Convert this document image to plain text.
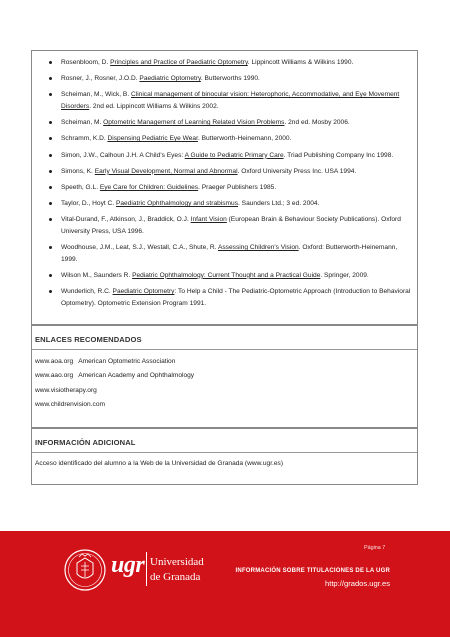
Rosenbloom, D. Principles and Practice of Paediatric Optometry. Lippincott Williams & Wilkins 1990.
Rosner, J., Rosner, J.O.D. Paediatric Optometry. Butterworths 1990.
Scheiman, M., Wick, B. Clinical management of binocular vision: Heterophoric, Accommodative, and Eye Movement Disorders. 2nd ed. Lippincott Williams & Wilkins 2002.
Scheiman, M. Optometric Management of Learning Related Vision Problems. 2nd ed. Mosby 2006.
Schramm, K.D. Dispensing Pediatric Eye Wear. Butterworth-Heinemann, 2000.
Simon, J.W., Calhoun J.H. A Child's Eyes: A Guide to Pediatric Primary Care. Triad Publishing Company Inc 1998.
Simons, K. Early Visual Development, Normal and Abnormal. Oxford University Press Inc. USA 1994.
Speeth, G.L. Eye Care for Children: Guidelines. Praeger Publishers 1985.
Taylor, D., Hoyt C. Paediatric Ophthalmology and strabismus. Saunders Ltd.; 3 ed. 2004.
Vital-Durand, F., Atkinson, J., Braddick, O.J. Infant Vision (European Brain & Behaviour Society Publications). Oxford University Press, USA 1996.
Woodhouse, J.M., Leat, S.J., Westall, C.A., Shute, R. Assessing Children's Vision. Oxford: Butterworth-Heinemann, 1999.
Wilson M., Saunders R. Pediatric Ophthalmology: Current Thought and a Practical Guide. Springer, 2009.
Wunderlich, R.C. Paediatric Optometry: To Help a Child - The Pediatric-Optometric Approach (Introduction to Behavioral Optometry). Optometric Extension Program 1991.
ENLACES RECOMENDADOS
www.aoa.org American Optometric Association
www.aao.org American Academy and Ophthalmology
www.visiotherapy.org
www.childrenvision.com
INFORMACIÓN ADICIONAL
Acceso identificado del alumno a la Web de la Universidad de Granada (www.ugr.es)
Página 7
ugr Universidad
de Granada	INFORMACIÓN SOBRE TITULACIONES DE LA UGR
http://grados.ugr.es
